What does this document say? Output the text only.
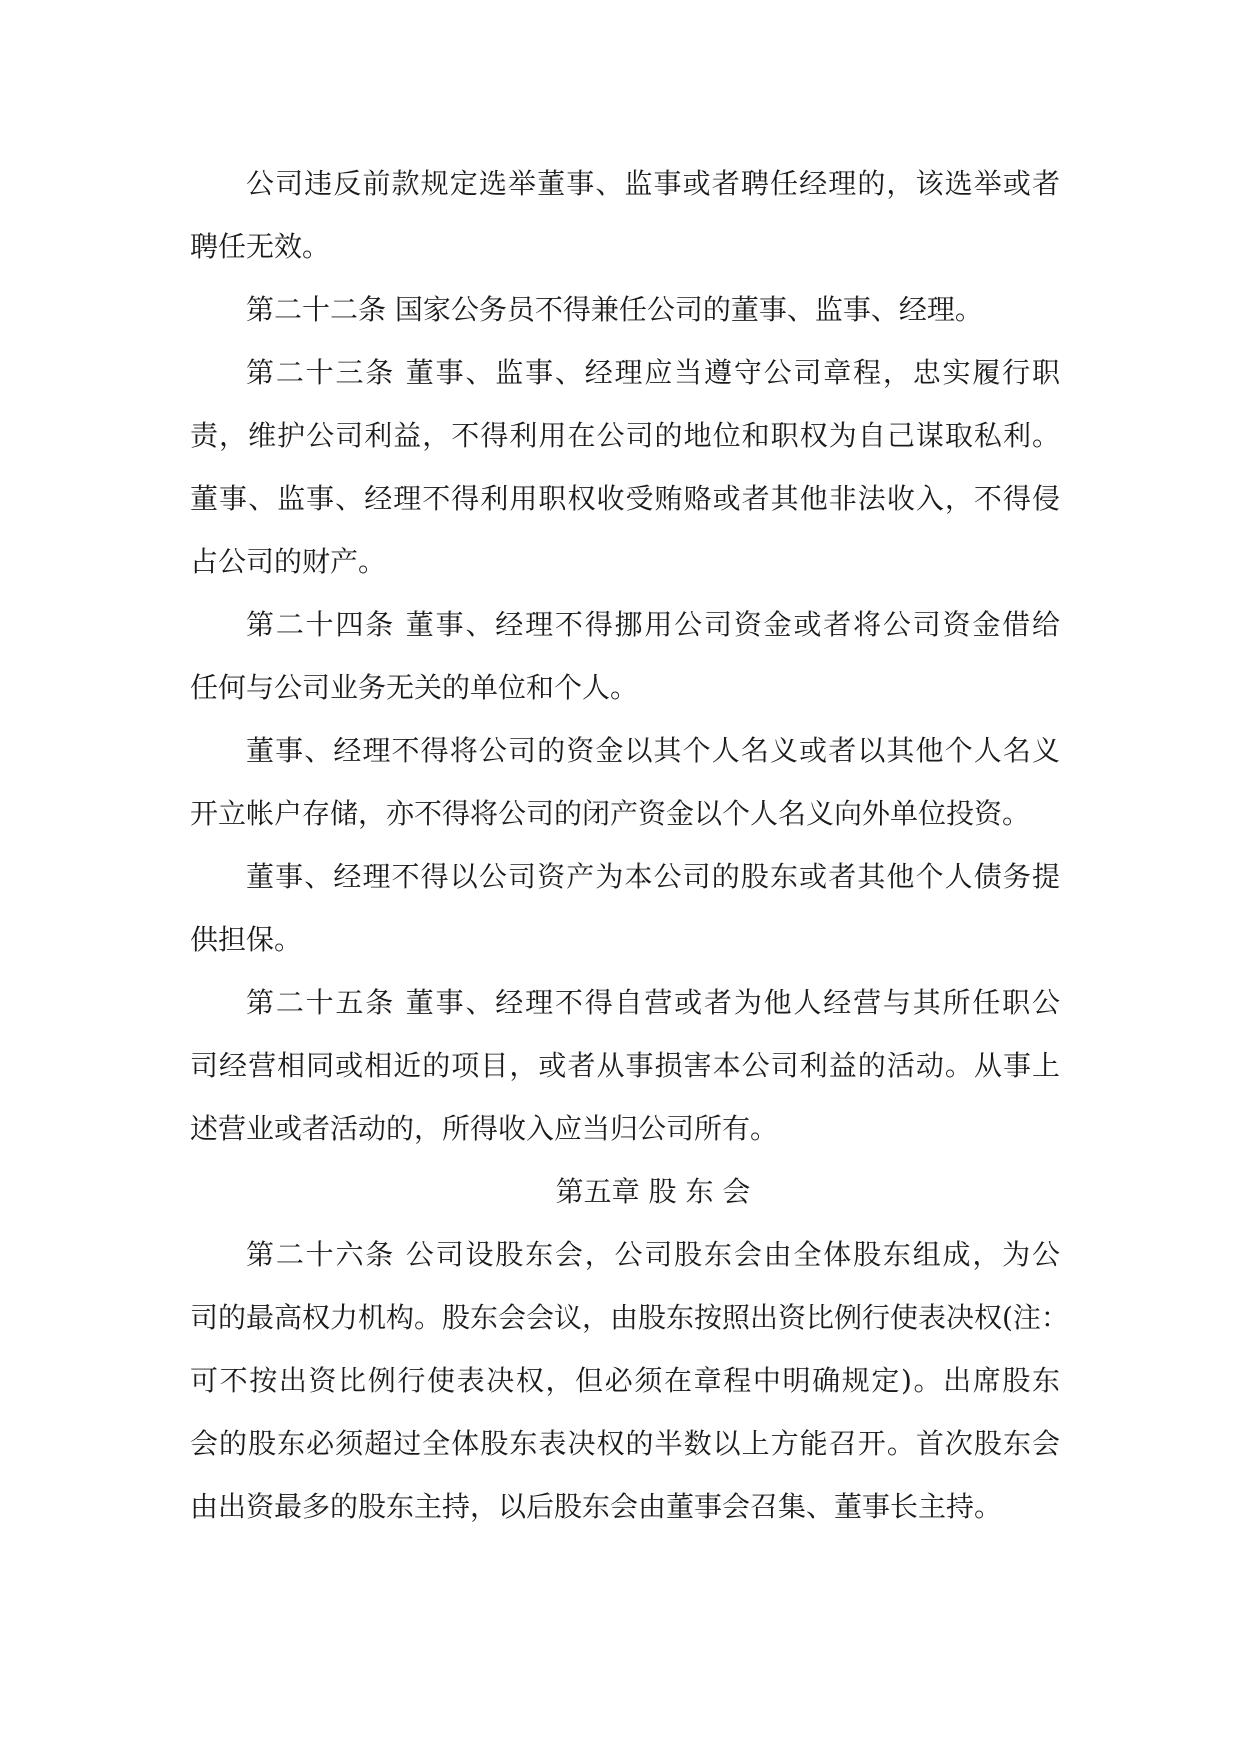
公司违反前款规定选举董事、监事或者聘任经理的，该选举或者
聘任无效。
第二十二条 国家公务员不得兼任公司的董事、监事、经理。
第二十三条 董事、监事、经理应当遵守公司章程，忠实履行职
责，维护公司利益，不得利用在公司的地位和职权为自己谋取私利。
董事、监事、经理不得利用职权收受贿赂或者其他非法收入，不得侵
占公司的财产。
第二十四条 董事、经理不得挪用公司资金或者将公司资金借给
任何与公司业务无关的单位和个人。
董事、经理不得将公司的资金以其个人名义或者以其他个人名义
开立帐户存储，亦不得将公司的闭产资金以个人名义向外单位投资。
董事、经理不得以公司资产为本公司的股东或者其他个人债务提
供担保。
第二十五条 董事、经理不得自营或者为他人经营与其所任职公
司经营相同或相近的项目，或者从事损害本公司利益的活动。从事上
述营业或者活动的，所得收入应当归公司所有。
第五章 股 东 会
第二十六条 公司设股东会，公司股东会由全体股东组成，为公
司的最高权力机构。股东会会议，由股东按照出资比例行使表决权(注：
可不按出资比例行使表决权，但必须在章程中明确规定)。出席股东
会的股东必须超过全体股东表决权的半数以上方能召开。首次股东会
由出资最多的股东主持，以后股东会由董事会召集、董事长主持。
